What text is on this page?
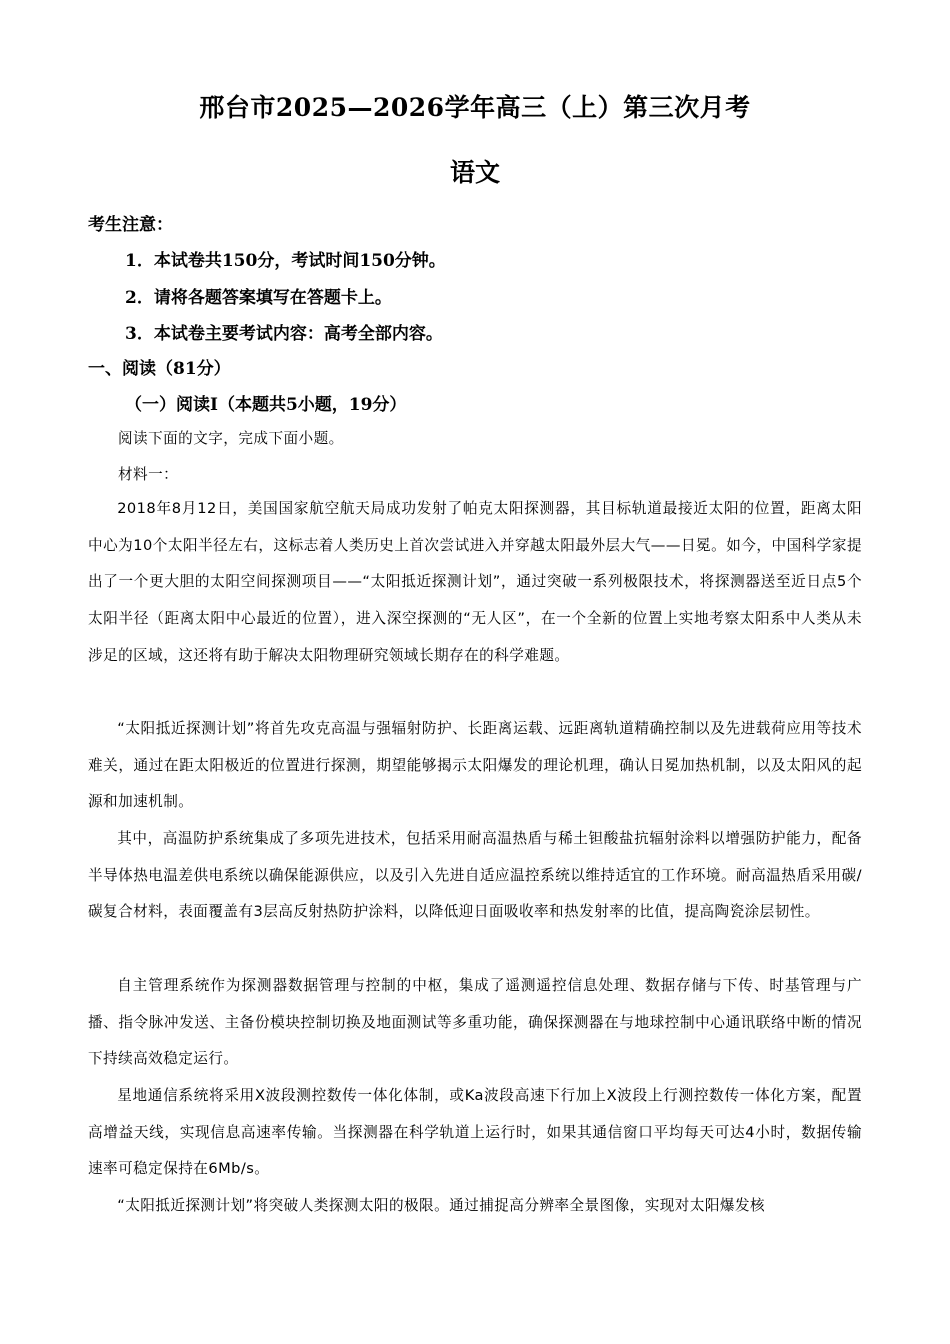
邢台市2025—2026学年高三（上）第三次月考
语文
考生注意：
1．本试卷共150分，考试时间150分钟。
2．请将各题答案填写在答题卡上。
3．本试卷主要考试内容：高考全部内容。
一、阅读（81分）
（一）阅读Ⅰ（本题共5小题，19分）
阅读下面的文字，完成下面小题。
材料一：

2018年8月12日，美国国家航空航天局成功发射了帕克太阳探测器，其目标轨道最接近太阳的位置，距离太阳中心为10个太阳半径左右，这标志着人类历史上首次尝试进入并穿越太阳最外层大气——日冕。如今，中国科学家提出了一个更大胆的太阳空间探测项目——“太阳抵近探测计划”，通过突破一系列极限技术，将探测器送至近日点5个太阳半径（距离太阳中心最近的位置），进入深空探测的“无人区”，在一个全新的位置上实地考察太阳系中人类从未涉足的区域，这还将有助于解决太阳物理研究领域长期存在的科学难题。

“太阳抵近探测计划”将首先攻克高温与强辐射防护、长距离运载、远距离轨道精确控制以及先进载荷应用等技术难关，通过在距太阳极近的位置进行探测，期望能够揭示太阳爆发的理论机理，确认日冕加热机制，以及太阳风的起源和加速机制。

其中，高温防护系统集成了多项先进技术，包括采用耐高温热盾与稀土钽酸盐抗辐射涂料以增强防护能力，配备半导体热电温差供电系统以确保能源供应，以及引入先进自适应温控系统以维持适宜的工作环境。耐高温热盾采用碳/碳复合材料，表面覆盖有3层高反射热防护涂料，以降低迎日面吸收率和热发射率的比值，提高陶瓷涂层韧性。

自主管理系统作为探测器数据管理与控制的中枢，集成了遥测遥控信息处理、数据存储与下传、时基管理与广播、指令脉冲发送、主备份模块控制切换及地面测试等多重功能，确保探测器在与地球控制中心通讯联络中断的情况下持续高效稳定运行。

星地通信系统将采用X波段测控数传一体化体制，或Ka波段高速下行加上X波段上行测控数传一体化方案，配置高增益天线，实现信息高速率传输。当探测器在科学轨道上运行时，如果其通信窗口平均每天可达4小时，数据传输速率可稳定保持在6Mb/s。

“太阳抵近探测计划”将突破人类探测太阳的极限。通过捕捉高分辨率全景图像，实现对太阳爆发核
